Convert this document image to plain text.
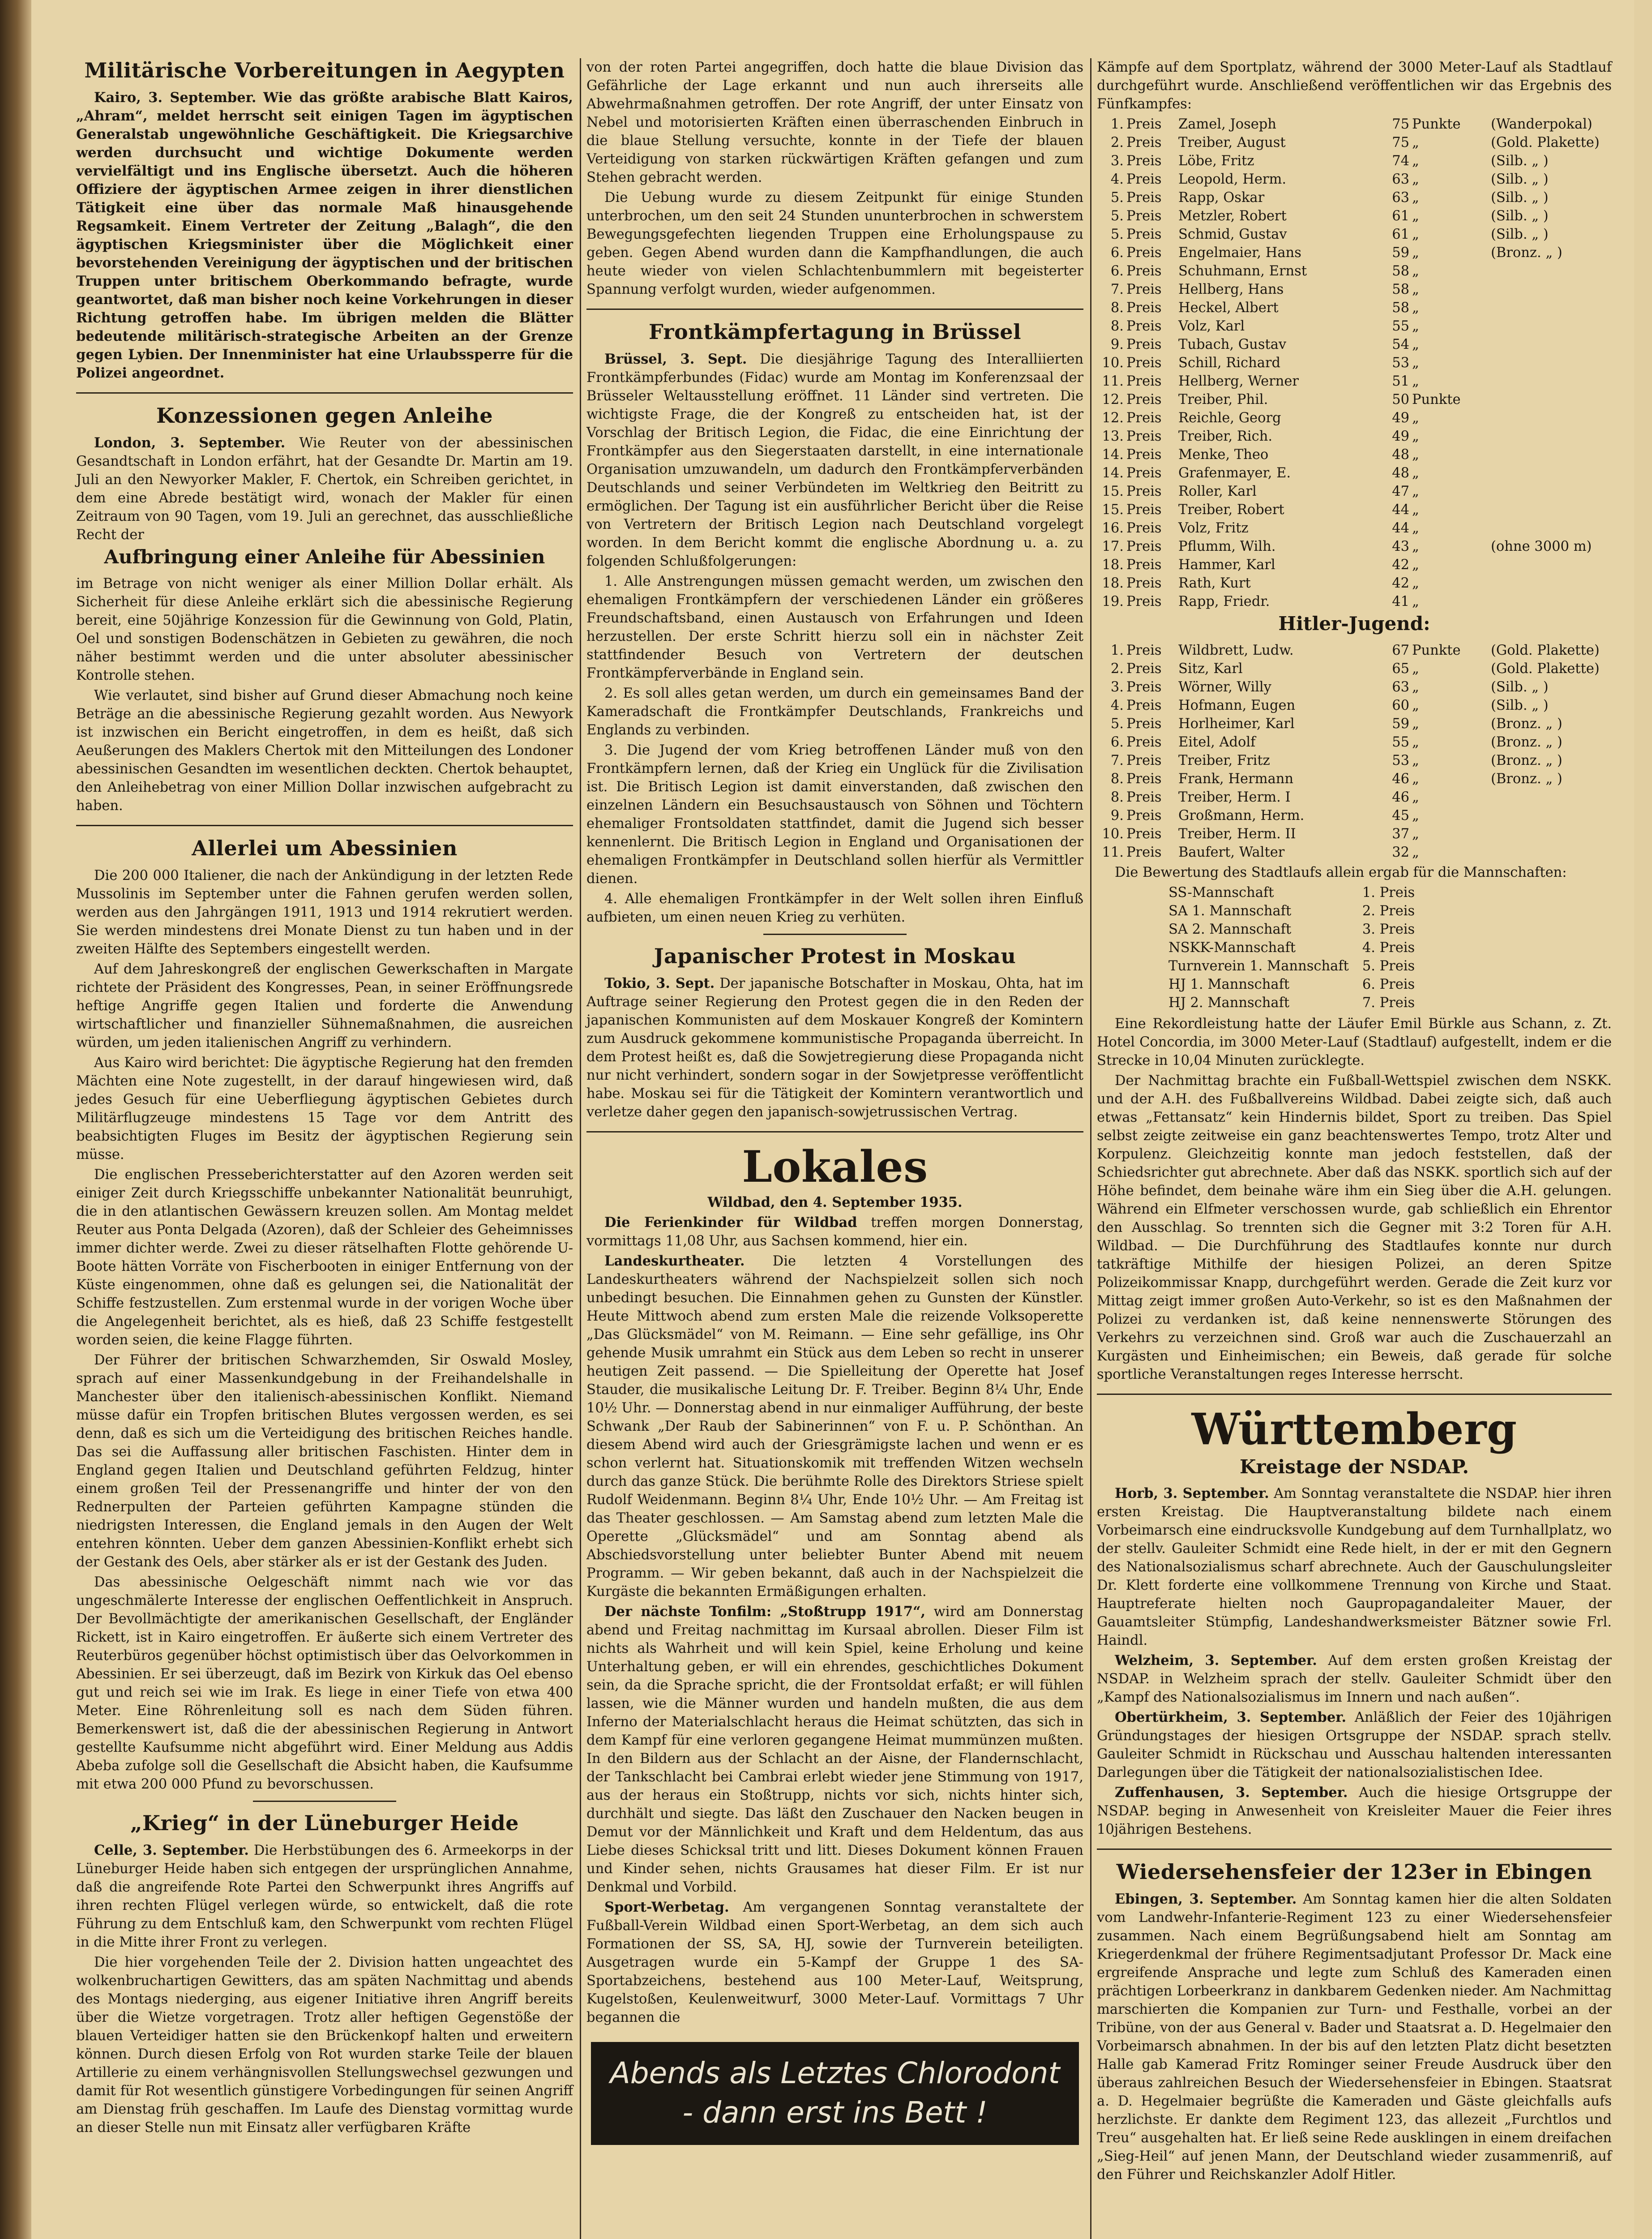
Militärische Vorbereitungen in Aegypten

Kairo, 3. September. Wie das größte arabische Blatt Kairos, „Ahram“, meldet herrscht seit einigen Tagen im ägyptischen Generalstab ungewöhnliche Geschäftigkeit. Die Kriegsarchive werden durchsucht und wichtige Dokumente werden vervielfältigt und ins Englische übersetzt. Auch die höheren Offiziere der ägyptischen Armee zeigen in ihrer dienstlichen Tätigkeit eine über das normale Maß hinausgehende Regsamkeit. Einem Vertreter der Zeitung „Balagh“, die den ägyptischen Kriegsminister über die Möglichkeit einer bevorstehenden Vereinigung der ägyptischen und der britischen Truppen unter britischem Oberkommando befragte, wurde geantwortet, daß man bisher noch keine Vorkehrungen in dieser Richtung getroffen habe. Im übrigen melden die Blätter bedeutende militärisch-strategische Arbeiten an der Grenze gegen Lybien. Der Innenminister hat eine Urlaubssperre für die Polizei angeordnet.

Konzessionen gegen Anleihe

London, 3. September. Wie Reuter von der abessinischen Gesandtschaft in London erfährt, hat der Gesandte Dr. Martin am 19. Juli an den Newyorker Makler, F. Chertok, ein Schreiben gerichtet, in dem eine Abrede bestätigt wird, wonach der Makler für einen Zeitraum von 90 Tagen, vom 19. Juli an gerechnet, das ausschließliche Recht der

Aufbringung einer Anleihe für Abessinien

im Betrage von nicht weniger als einer Million Dollar erhält. Als Sicherheit für diese Anleihe erklärt sich die abessinische Regierung bereit, eine 50jährige Konzession für die Gewinnung von Gold, Platin, Oel und sonstigen Bodenschätzen in Gebieten zu gewähren, die noch näher bestimmt werden und die unter absoluter abessinischer Kontrolle stehen.

Wie verlautet, sind bisher auf Grund dieser Abmachung noch keine Beträge an die abessinische Regierung gezahlt worden. Aus Newyork ist inzwischen ein Bericht eingetroffen, in dem es heißt, daß sich Aeußerungen des Maklers Chertok mit den Mitteilungen des Londoner abessinischen Gesandten im wesentlichen deckten. Chertok behauptet, den Anleihebetrag von einer Million Dollar inzwischen aufgebracht zu haben.

Allerlei um Abessinien

Die 200 000 Italiener, die nach der Ankündigung in der letzten Rede Mussolinis im September unter die Fahnen gerufen werden sollen, werden aus den Jahrgängen 1911, 1913 und 1914 rekrutiert werden. Sie werden mindestens drei Monate Dienst zu tun haben und in der zweiten Hälfte des Septembers eingestellt werden.

Auf dem Jahreskongreß der englischen Gewerkschaften in Margate richtete der Präsident des Kongresses, Pean, in seiner Eröffnungsrede heftige Angriffe gegen Italien und forderte die Anwendung wirtschaftlicher und finanzieller Sühnemaßnahmen, die ausreichen würden, um jeden italienischen Angriff zu verhindern.

Aus Kairo wird berichtet: Die ägyptische Regierung hat den fremden Mächten eine Note zugestellt, in der darauf hingewiesen wird, daß jedes Gesuch für eine Ueberfliegung ägyptischen Gebietes durch Militärflugzeuge mindestens 15 Tage vor dem Antritt des beabsichtigten Fluges im Besitz der ägyptischen Regierung sein müsse.

Die englischen Presseberichterstatter auf den Azoren werden seit einiger Zeit durch Kriegsschiffe unbekannter Nationalität beunruhigt, die in den atlantischen Gewässern kreuzen sollen. Am Montag meldet Reuter aus Ponta Delgada (Azoren), daß der Schleier des Geheimnisses immer dichter werde. Zwei zu dieser rätselhaften Flotte gehörende U-Boote hätten Vorräte von Fischerbooten in einiger Entfernung von der Küste eingenommen, ohne daß es gelungen sei, die Nationalität der Schiffe festzustellen. Zum erstenmal wurde in der vorigen Woche über die Angelegenheit berichtet, als es hieß, daß 23 Schiffe festgestellt worden seien, die keine Flagge führten.

Der Führer der britischen Schwarzhemden, Sir Oswald Mosley, sprach auf einer Massenkundgebung in der Freihandelshalle in Manchester über den italienisch-abessinischen Konflikt. Niemand müsse dafür ein Tropfen britischen Blutes vergossen werden, es sei denn, daß es sich um die Verteidigung des britischen Reiches handle. Das sei die Auffassung aller britischen Faschisten. Hinter dem in England gegen Italien und Deutschland geführten Feldzug, hinter einem großen Teil der Pressenangriffe und hinter der von den Rednerpulten der Parteien geführten Kampagne stünden die niedrigsten Interessen, die England jemals in den Augen der Welt entehren könnten. Ueber dem ganzen Abessinien-Konflikt erhebt sich der Gestank des Oels, aber stärker als er ist der Gestank des Juden.

Das abessinische Oelgeschäft nimmt nach wie vor das ungeschmälerte Interesse der englischen Oeffentlichkeit in Anspruch. Der Bevollmächtigte der amerikanischen Gesellschaft, der Engländer Rickett, ist in Kairo eingetroffen. Er äußerte sich einem Vertreter des Reuterbüros gegenüber höchst optimistisch über das Oelvorkommen in Abessinien. Er sei überzeugt, daß im Bezirk von Kirkuk das Oel ebenso gut und reich sei wie im Irak. Es liege in einer Tiefe von etwa 400 Meter. Eine Röhrenleitung soll es nach dem Süden führen. Bemerkenswert ist, daß die der abessinischen Regierung in Antwort gestellte Kaufsumme nicht abgeführt wird. Einer Meldung aus Addis Abeba zufolge soll die Gesellschaft die Absicht haben, die Kaufsumme mit etwa 200 000 Pfund zu bevorschussen.

„Krieg“ in der Lüneburger Heide

Celle, 3. September. Die Herbstübungen des 6. Armeekorps in der Lüneburger Heide haben sich entgegen der ursprünglichen Annahme, daß die angreifende Rote Partei den Schwerpunkt ihres Angriffs auf ihren rechten Flügel verlegen würde, so entwickelt, daß die rote Führung zu dem Entschluß kam, den Schwerpunkt vom rechten Flügel in die Mitte ihrer Front zu verlegen.

Die hier vorgehenden Teile der 2. Division hatten ungeachtet des wolkenbruchartigen Gewitters, das am späten Nachmittag und abends des Montags niederging, aus eigener Initiative ihren Angriff bereits über die Wietze vorgetragen. Trotz aller heftigen Gegenstöße der blauen Verteidiger hatten sie den Brückenkopf halten und erweitern können. Durch diesen Erfolg von Rot wurden starke Teile der blauen Artillerie zu einem verhängnisvollen Stellungswechsel gezwungen und damit für Rot wesentlich günstigere Vorbedingungen für seinen Angriff am Dienstag früh geschaffen. Im Laufe des Dienstag vormittag wurde an dieser Stelle nun mit Einsatz aller verfügbaren Kräfte

von der roten Partei angegriffen, doch hatte die blaue Division das Gefährliche der Lage erkannt und nun auch ihrerseits alle Abwehrmaßnahmen getroffen. Der rote Angriff, der unter Einsatz von Nebel und motorisierten Kräften einen überraschenden Einbruch in die blaue Stellung versuchte, konnte in der Tiefe der blauen Verteidigung von starken rückwärtigen Kräften gefangen und zum Stehen gebracht werden.

Die Uebung wurde zu diesem Zeitpunkt für einige Stunden unterbrochen, um den seit 24 Stunden ununterbrochen in schwerstem Bewegungsgefechten liegenden Truppen eine Erholungspause zu geben. Gegen Abend wurden dann die Kampfhandlungen, die auch heute wieder von vielen Schlachtenbummlern mit begeisterter Spannung verfolgt wurden, wieder aufgenommen.

Frontkämpfertagung in Brüssel

Brüssel, 3. Sept. Die diesjährige Tagung des Interalliierten Frontkämpferbundes (Fidac) wurde am Montag im Konferenzsaal der Brüsseler Weltausstellung eröffnet. 11 Länder sind vertreten. Die wichtigste Frage, die der Kongreß zu entscheiden hat, ist der Vorschlag der Britisch Legion, die Fidac, die eine Einrichtung der Frontkämpfer aus den Siegerstaaten darstellt, in eine internationale Organisation umzuwandeln, um dadurch den Frontkämpferverbänden Deutschlands und seiner Verbündeten im Weltkrieg den Beitritt zu ermöglichen. Der Tagung ist ein ausführlicher Bericht über die Reise von Vertretern der Britisch Legion nach Deutschland vorgelegt worden. In dem Bericht kommt die englische Abordnung u. a. zu folgenden Schlußfolgerungen:

1. Alle Anstrengungen müssen gemacht werden, um zwischen den ehemaligen Frontkämpfern der verschiedenen Länder ein größeres Freundschaftsband, einen Austausch von Erfahrungen und Ideen herzustellen. Der erste Schritt hierzu soll ein in nächster Zeit stattfindender Besuch von Vertretern der deutschen Frontkämpferverbände in England sein.

2. Es soll alles getan werden, um durch ein gemeinsames Band der Kameradschaft die Frontkämpfer Deutschlands, Frankreichs und Englands zu verbinden.

3. Die Jugend der vom Krieg betroffenen Länder muß von den Frontkämpfern lernen, daß der Krieg ein Unglück für die Zivilisation ist. Die Britisch Legion ist damit einverstanden, daß zwischen den einzelnen Ländern ein Besuchsaustausch von Söhnen und Töchtern ehemaliger Frontsoldaten stattfindet, damit die Jugend sich besser kennenlernt. Die Britisch Legion in England und Organisationen der ehemaligen Frontkämpfer in Deutschland sollen hierfür als Vermittler dienen.

4. Alle ehemaligen Frontkämpfer in der Welt sollen ihren Einfluß aufbieten, um einen neuen Krieg zu verhüten.

Japanischer Protest in Moskau

Tokio, 3. Sept. Der japanische Botschafter in Moskau, Ohta, hat im Auftrage seiner Regierung den Protest gegen die in den Reden der japanischen Kommunisten auf dem Moskauer Kongreß der Komintern zum Ausdruck gekommene kommunistische Propaganda überreicht. In dem Protest heißt es, daß die Sowjetregierung diese Propaganda nicht nur nicht verhindert, sondern sogar in der Sowjetpresse veröffentlicht habe. Moskau sei für die Tätigkeit der Komintern verantwortlich und verletze daher gegen den japanisch-sowjetrussischen Vertrag.

Lokales

Wildbad, den 4. September 1935.

Die Ferienkinder für Wildbad treffen morgen Donnerstag, vormittags 11,08 Uhr, aus Sachsen kommend, hier ein.

Landeskurtheater. Die letzten 4 Vorstellungen des Landeskurtheaters während der Nachspielzeit sollen sich noch unbedingt besuchen. Die Einnahmen gehen zu Gunsten der Künstler. Heute Mittwoch abend zum ersten Male die reizende Volksoperette „Das Glücksmädel“ von M. Reimann. — Eine sehr gefällige, ins Ohr gehende Musik umrahmt ein Stück aus dem Leben so recht in unserer heutigen Zeit passend. — Die Spielleitung der Operette hat Josef Stauder, die musikalische Leitung Dr. F. Treiber. Beginn 8¼ Uhr, Ende 10½ Uhr. — Donnerstag abend in nur einmaliger Aufführung, der beste Schwank „Der Raub der Sabinerinnen“ von F. u. P. Schönthan. An diesem Abend wird auch der Griesgrämigste lachen und wenn er es schon verlernt hat. Situationskomik mit treffenden Witzen wechseln durch das ganze Stück. Die berühmte Rolle des Direktors Striese spielt Rudolf Weidenmann. Beginn 8¼ Uhr, Ende 10½ Uhr. — Am Freitag ist das Theater geschlossen. — Am Samstag abend zum letzten Male die Operette „Glücksmädel“ und am Sonntag abend als Abschiedsvorstellung unter beliebter Bunter Abend mit neuem Programm. — Wir geben bekannt, daß auch in der Nachspielzeit die Kurgäste die bekannten Ermäßigungen erhalten.

Der nächste Tonfilm: „Stoßtrupp 1917“, wird am Donnerstag abend und Freitag nachmittag im Kursaal abrollen. Dieser Film ist nichts als Wahrheit und will kein Spiel, keine Erholung und keine Unterhaltung geben, er will ein ehrendes, geschichtliches Dokument sein, da die Sprache spricht, die der Frontsoldat erfaßt; er will fühlen lassen, wie die Männer wurden und handeln mußten, die aus dem Inferno der Materialschlacht heraus die Heimat schützten, das sich in dem Kampf für eine verloren gegangene Heimat mummünzen mußten. In den Bildern aus der Schlacht an der Aisne, der Flandernschlacht, der Tankschlacht bei Cambrai erlebt wieder jene Stimmung von 1917, aus der heraus ein Stoßtrupp, nichts vor sich, nichts hinter sich, durchhält und siegte. Das läßt den Zuschauer den Nacken beugen in Demut vor der Männlichkeit und Kraft und dem Heldentum, das aus Liebe dieses Schicksal tritt und litt. Dieses Dokument können Frauen und Kinder sehen, nichts Grausames hat dieser Film. Er ist nur Denkmal und Vorbild.

Sport-Werbetag. Am vergangenen Sonntag veranstaltete der Fußball-Verein Wildbad einen Sport-Werbetag, an dem sich auch Formationen der SS, SA, HJ, sowie der Turnverein beteiligten. Ausgetragen wurde ein 5-Kampf der Gruppe 1 des SA-Sportabzeichens, bestehend aus 100 Meter-Lauf, Weitsprung, Kugelstoßen, Keulenweitwurf, 3000 Meter-Lauf. Vormittags 7 Uhr begannen die

Abends als Letztes Chlorodont
- dann erst ins Bett !

Kämpfe auf dem Sportplatz, während der 3000 Meter-Lauf als Stadtlauf durchgeführt wurde. Anschließend veröffentlichen wir das Ergebnis des Fünfkampfes:

1.	Preis	Zamel, Joseph	75	Punkte	(Wanderpokal)
2.	Preis	Treiber, August	75	„	(Gold. Plakette)
3.	Preis	Löbe, Fritz	74	„	(Silb. „ )
4.	Preis	Leopold, Herm.	63	„	(Silb. „ )
5.	Preis	Rapp, Oskar	63	„	(Silb. „ )
5.	Preis	Metzler, Robert	61	„	(Silb. „ )
5.	Preis	Schmid, Gustav	61	„	(Silb. „ )
6.	Preis	Engelmaier, Hans	59	„	(Bronz. „ )
6.	Preis	Schuhmann, Ernst	58	„	
7.	Preis	Hellberg, Hans	58	„	
8.	Preis	Heckel, Albert	58	„	
8.	Preis	Volz, Karl	55	„	
9.	Preis	Tubach, Gustav	54	„	
10.	Preis	Schill, Richard	53	„	
11.	Preis	Hellberg, Werner	51	„	
12.	Preis	Treiber, Phil.	50	Punkte	
12.	Preis	Reichle, Georg	49	„	
13.	Preis	Treiber, Rich.	49	„	
14.	Preis	Menke, Theo	48	„	
14.	Preis	Grafenmayer, E.	48	„	
15.	Preis	Roller, Karl	47	„	
15.	Preis	Treiber, Robert	44	„	
16.	Preis	Volz, Fritz	44	„	
17.	Preis	Pflumm, Wilh.	43	„	(ohne 3000 m)
18.	Preis	Hammer, Karl	42	„	
18.	Preis	Rath, Kurt	42	„	
19.	Preis	Rapp, Friedr.	41	„	
Hitler-Jugend:
1.	Preis	Wildbrett, Ludw.	67	Punkte	(Gold. Plakette)
2.	Preis	Sitz, Karl	65	„	(Gold. Plakette)
3.	Preis	Wörner, Willy	63	„	(Silb. „ )
4.	Preis	Hofmann, Eugen	60	„	(Silb. „ )
5.	Preis	Horlheimer, Karl	59	„	(Bronz. „ )
6.	Preis	Eitel, Adolf	55	„	(Bronz. „ )
7.	Preis	Treiber, Fritz	53	„	(Bronz. „ )
8.	Preis	Frank, Hermann	46	„	(Bronz. „ )
8.	Preis	Treiber, Herm. I	46	„	
9.	Preis	Großmann, Herm.	45	„	
10.	Preis	Treiber, Herm. II	37	„	
11.	Preis	Baufert, Walter	32	„	

Die Bewertung des Stadtlaufs allein ergab für die Mannschaften:

SS-Mannschaft	1. Preis
SA 1. Mannschaft	2. Preis
SA 2. Mannschaft	3. Preis
NSKK-Mannschaft	4. Preis
Turnverein 1. Mannschaft	5. Preis
HJ 1. Mannschaft	6. Preis
HJ 2. Mannschaft	7. Preis

Eine Rekordleistung hatte der Läufer Emil Bürkle aus Schann, z. Zt. Hotel Concordia, im 3000 Meter-Lauf (Stadtlauf) aufgestellt, indem er die Strecke in 10,04 Minuten zurücklegte.

Der Nachmittag brachte ein Fußball-Wettspiel zwischen dem NSKK. und der A.H. des Fußballvereins Wildbad. Dabei zeigte sich, daß auch etwas „Fettansatz“ kein Hindernis bildet, Sport zu treiben. Das Spiel selbst zeigte zeitweise ein ganz beachtenswertes Tempo, trotz Alter und Korpulenz. Gleichzeitig konnte man jedoch feststellen, daß der Schiedsrichter gut abrechnete. Aber daß das NSKK. sportlich sich auf der Höhe befindet, dem beinahe wäre ihm ein Sieg über die A.H. gelungen. Während ein Elfmeter verschossen wurde, gab schließlich ein Ehrentor den Ausschlag. So trennten sich die Gegner mit 3:2 Toren für A.H. Wildbad. — Die Durchführung des Stadtlaufes konnte nur durch tatkräftige Mithilfe der hiesigen Polizei, an deren Spitze Polizeikommissar Knapp, durchgeführt werden. Gerade die Zeit kurz vor Mittag zeigt immer großen Auto-Verkehr, so ist es den Maßnahmen der Polizei zu verdanken ist, daß keine nennenswerte Störungen des Verkehrs zu verzeichnen sind. Groß war auch die Zuschauerzahl an Kurgästen und Einheimischen; ein Beweis, daß gerade für solche sportliche Veranstaltungen reges Interesse herrscht.

Württemberg
Kreistage der NSDAP.

Horb, 3. September. Am Sonntag veranstaltete die NSDAP. hier ihren ersten Kreistag. Die Hauptveranstaltung bildete nach einem Vorbeimarsch eine eindrucksvolle Kundgebung auf dem Turnhallplatz, wo der stellv. Gauleiter Schmidt eine Rede hielt, in der er mit den Gegnern des Nationalsozialismus scharf abrechnete. Auch der Gauschulungsleiter Dr. Klett forderte eine vollkommene Trennung von Kirche und Staat. Hauptreferate hielten noch Gaupropagandaleiter Mauer, der Gauamtsleiter Stümpfig, Landeshandwerksmeister Bätzner sowie Frl. Haindl.

Welzheim, 3. September. Auf dem ersten großen Kreistag der NSDAP. in Welzheim sprach der stellv. Gauleiter Schmidt über den „Kampf des Nationalsozialismus im Innern und nach außen“.

Obertürkheim, 3. September. Anläßlich der Feier des 10jährigen Gründungstages der hiesigen Ortsgruppe der NSDAP. sprach stellv. Gauleiter Schmidt in Rückschau und Ausschau haltenden interessanten Darlegungen über die Tätigkeit der nationalsozialistischen Idee.

Zuffenhausen, 3. September. Auch die hiesige Ortsgruppe der NSDAP. beging in Anwesenheit von Kreisleiter Mauer die Feier ihres 10jährigen Bestehens.

Wiedersehensfeier der 123er in Ebingen

Ebingen, 3. September. Am Sonntag kamen hier die alten Soldaten vom Landwehr-Infanterie-Regiment 123 zu einer Wiedersehensfeier zusammen. Nach einem Begrüßungsabend hielt am Sonntag am Kriegerdenkmal der frühere Regimentsadjutant Professor Dr. Mack eine ergreifende Ansprache und legte zum Schluß des Kameraden einen prächtigen Lorbeerkranz in dankbarem Gedenken nieder. Am Nachmittag marschierten die Kompanien zur Turn- und Festhalle, vorbei an der Tribüne, von der aus General v. Bader und Staatsrat a. D. Hegelmaier den Vorbeimarsch abnahmen. In der bis auf den letzten Platz dicht besetzten Halle gab Kamerad Fritz Rominger seiner Freude Ausdruck über den überaus zahlreichen Besuch der Wiedersehensfeier in Ebingen. Staatsrat a. D. Hegelmaier begrüßte die Kameraden und Gäste gleichfalls aufs herzlichste. Er dankte dem Regiment 123, das allezeit „Furchtlos und Treu“ ausgehalten hat. Er ließ seine Rede ausklingen in einem dreifachen „Sieg-Heil“ auf jenen Mann, der Deutschland wieder zusammenriß, auf den Führer und Reichskanzler Adolf Hitler.
